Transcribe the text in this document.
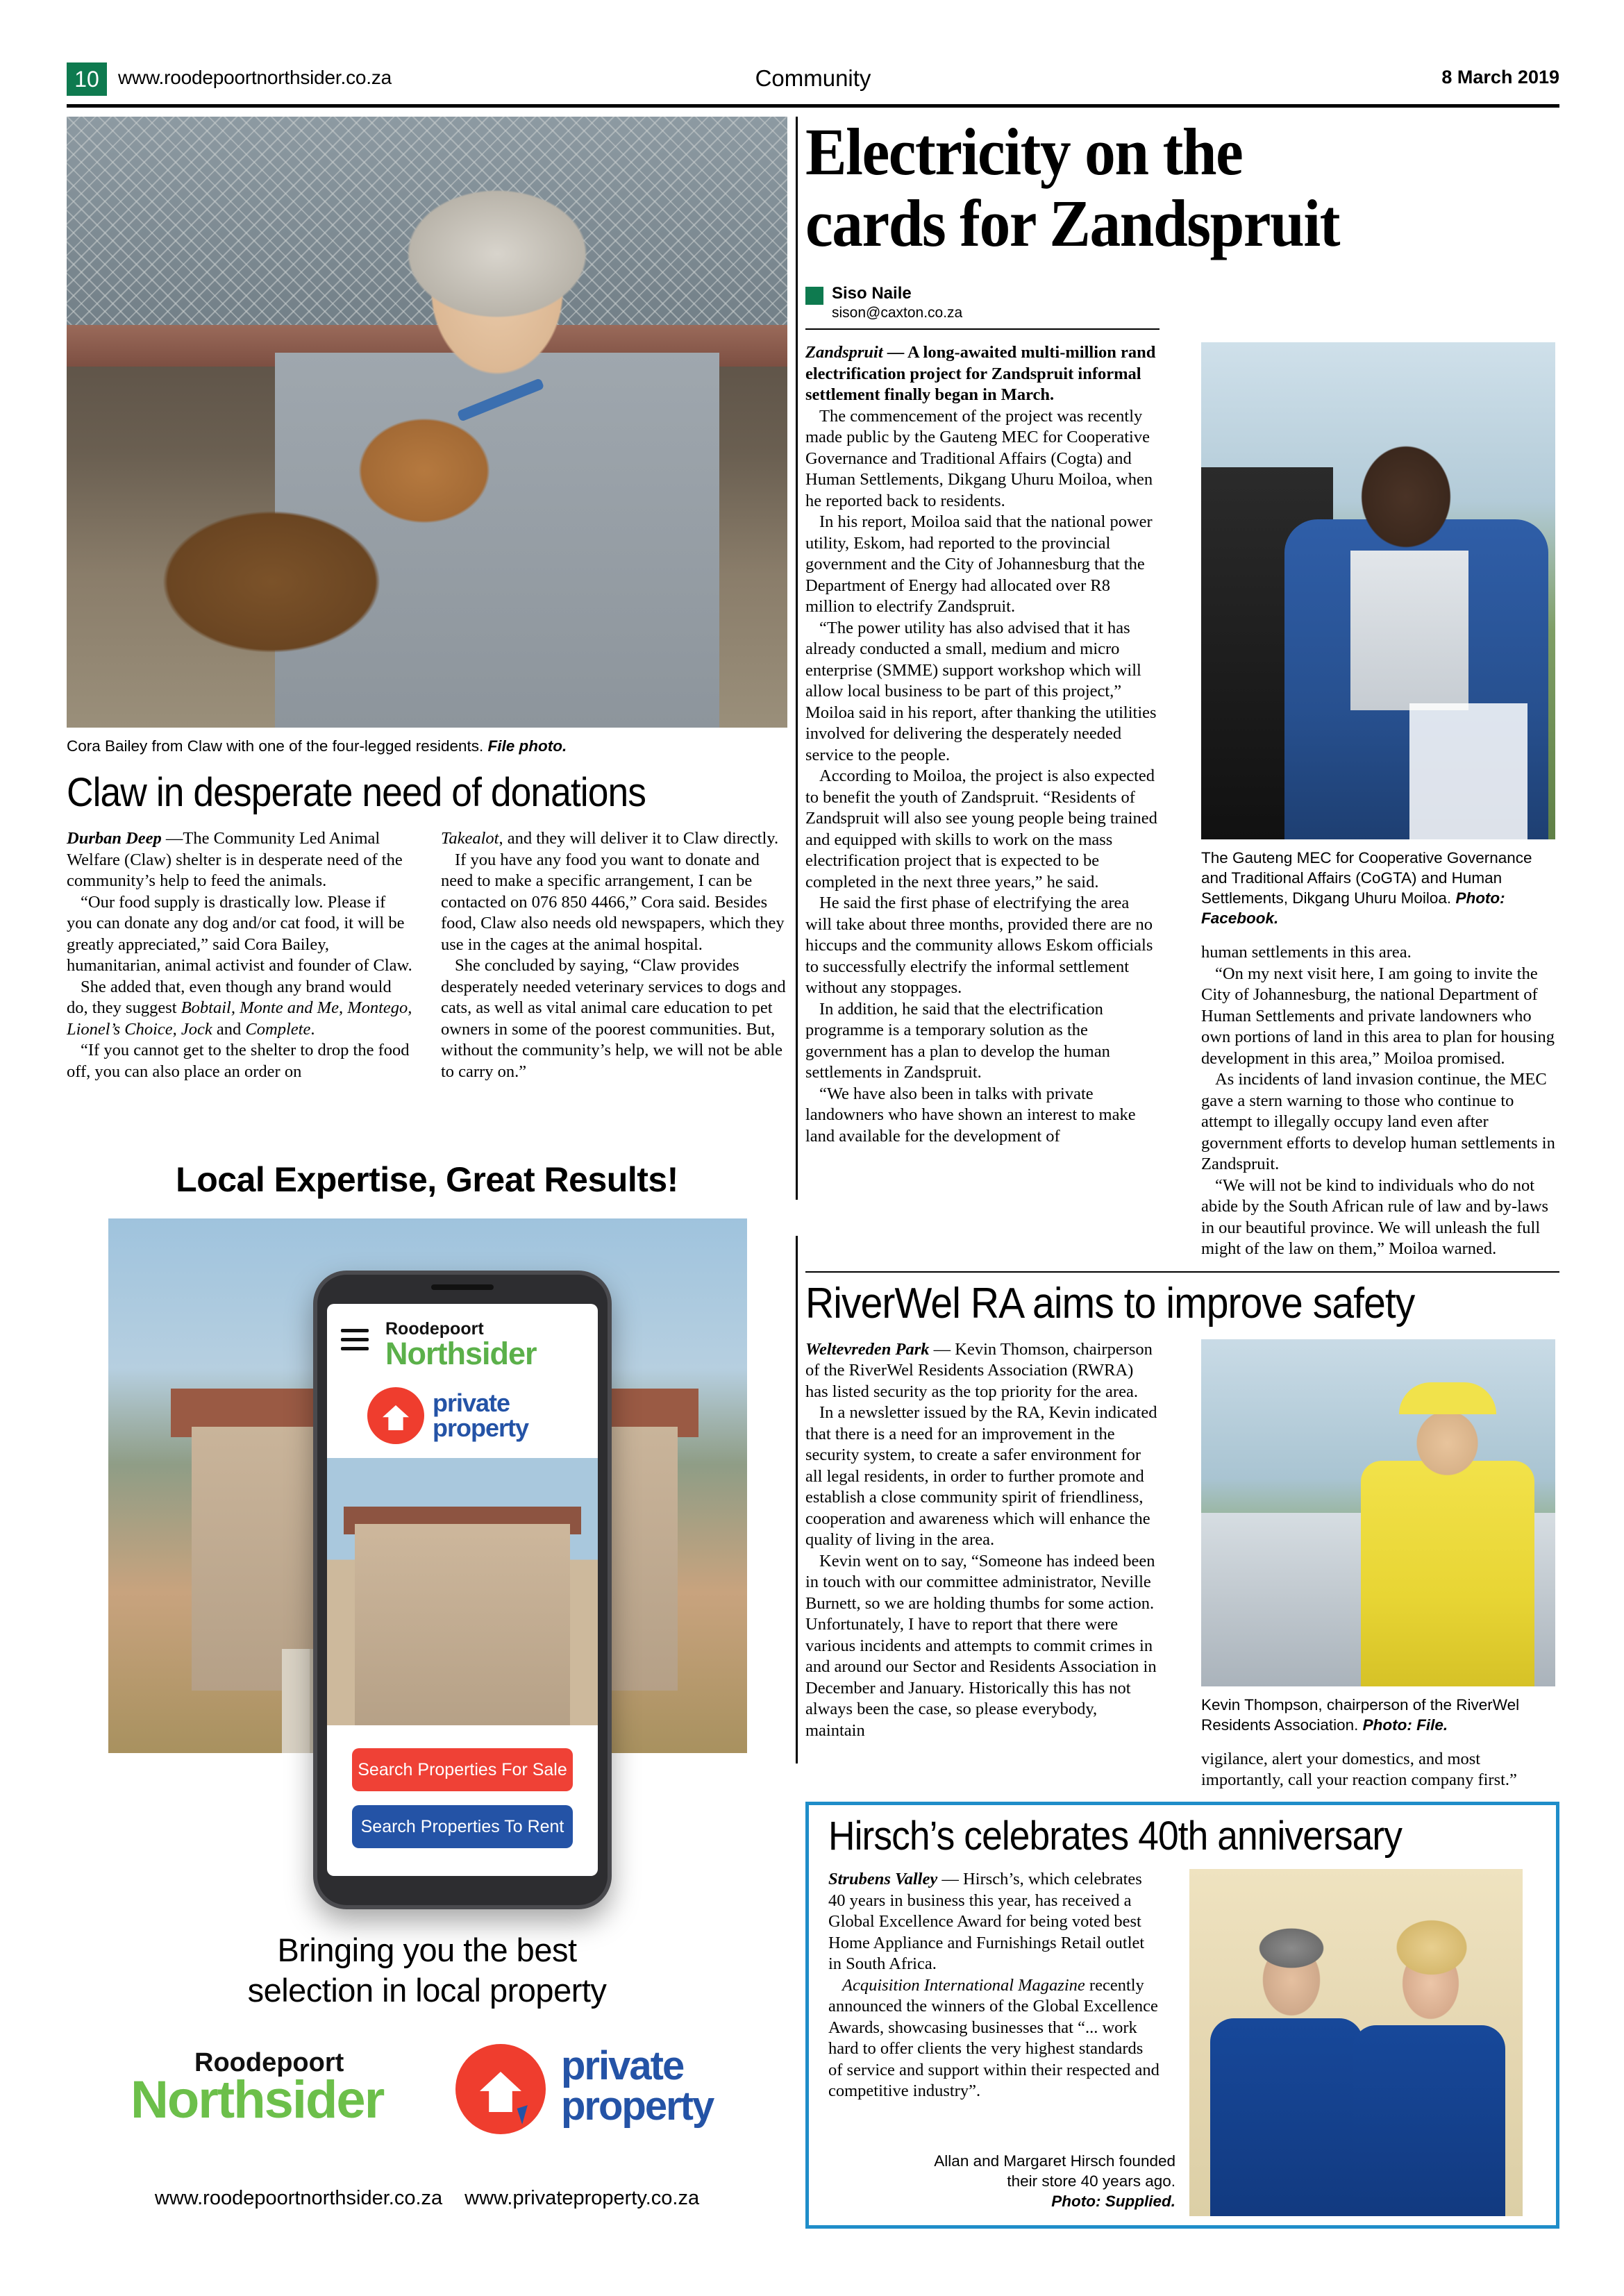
10 www.roodepoortnorthsider.co.za	Community	8 March 2019
Cora Bailey from Claw with one of the four-legged residents. File photo.
Claw in desperate need of donations

Durban Deep —The Community Led Animal Welfare (Claw) shelter is in desperate need of the community’s help to feed the animals.

“Our food supply is drastically low. Please if you can donate any dog and/or cat food, it will be greatly appreciated,” said Cora Bailey, humanitarian, animal activist and founder of Claw.

She added that, even though any brand would do, they suggest Bobtail, Monte and Me, Montego, Lionel’s Choice, Jock and Complete.

“If you cannot get to the shelter to drop the food off, you can also place an order on

Takealot, and they will deliver it to Claw directly.

If you have any food you want to donate and need to make a specific arrangement, I can be contacted on 076 850 4466,” Cora said. Besides food, Claw also needs old newspapers, which they use in the cages at the animal hospital.

She concluded by saying, “Claw provides desperately needed veterinary services to dogs and cats, as well as vital animal care education to pet owners in some of the poorest communities. But, without the community’s help, we will not be able to carry on.”

Local Expertise, Great Results!
Roodepoort
Northsider
private
property
Search Properties For Sale
Search Properties To Rent
Bringing you the best
selection in local property
Roodepoort
Northsider
private
property
www.roodepoortnorthsider.co.za www.privateproperty.co.za
Electricity on the
cards for Zandspruit
Siso Naile
sison@caxton.co.za

Zandspruit — A long-awaited multi-million rand electrification project for Zandspruit informal settlement finally began in March.

The commencement of the project was recently made public by the Gauteng MEC for Cooperative Governance and Traditional Affairs (Cogta) and Human Settlements, Dikgang Uhuru Moiloa, when he reported back to residents.

In his report, Moiloa said that the national power utility, Eskom, had reported to the provincial government and the City of Johannesburg that the Department of Energy had allocated over R8 million to electrify Zandspruit.

“The power utility has also advised that it has already conducted a small, medium and micro enterprise (SMME) support workshop which will allow local business to be part of this project,” Moiloa said in his report, after thanking the utilities involved for delivering the desperately needed service to the people.

According to Moiloa, the project is also expected to benefit the youth of Zandspruit. “Residents of Zandspruit will also see young people being trained and equipped with skills to work on the mass electrification project that is expected to be completed in the next three years,” he said.

He said the first phase of electrifying the area will take about three months, provided there are no hiccups and the community allows Eskom officials to successfully electrify the informal settlement without any stoppages.

In addition, he said that the electrification programme is a temporary solution as the government has a plan to develop the human settlements in Zandspruit.

“We have also been in talks with private landowners who have shown an interest to make land available for the development of

The Gauteng MEC for Cooperative Governance and Traditional Affairs (CoGTA) and Human Settlements, Dikgang Uhuru Moiloa. Photo: Facebook.

human settlements in this area.

“On my next visit here, I am going to invite the City of Johannesburg, the national Department of Human Settlements and private landowners who own portions of land in this area to plan for housing development in this area,” Moiloa promised.

As incidents of land invasion continue, the MEC gave a stern warning to those who continue to attempt to illegally occupy land even after government efforts to develop human settlements in Zandspruit.

“We will not be kind to individuals who do not abide by the South African rule of law and by-laws in our beautiful province. We will unleash the full might of the law on them,” Moiloa warned.

RiverWel RA aims to improve safety

Weltevreden Park — Kevin Thomson, chairperson of the RiverWel Residents Association (RWRA) has listed security as the top priority for the area.

In a newsletter issued by the RA, Kevin indicated that there is a need for an improvement in the security system, to create a safer environment for all legal residents, in order to further promote and establish a close community spirit of friendliness, cooperation and awareness which will enhance the quality of living in the area.

Kevin went on to say, “Someone has indeed been in touch with our committee administrator, Neville Burnett, so we are holding thumbs for some action. Unfortunately, I have to report that there were various incidents and attempts to commit crimes in and around our Sector and Residents Association in December and January. Historically this has not always been the case, so please everybody, maintain

Kevin Thompson, chairperson of the RiverWel Residents Association. Photo: File.

vigilance, alert your domestics, and most importantly, call your reaction company first.”

Hirsch’s celebrates 40th anniversary

Strubens Valley — Hirsch’s, which celebrates 40 years in business this year, has received a Global Excellence Award for being voted best Home Appliance and Furnishings Retail outlet in South Africa.

Acquisition International Magazine recently announced the winners of the Global Excellence Awards, showcasing businesses that “... work hard to offer clients the very highest standards of service and support within their respected and competitive industry”.

Allan and Margaret Hirsch founded
their store 40 years ago.
Photo: Supplied.
